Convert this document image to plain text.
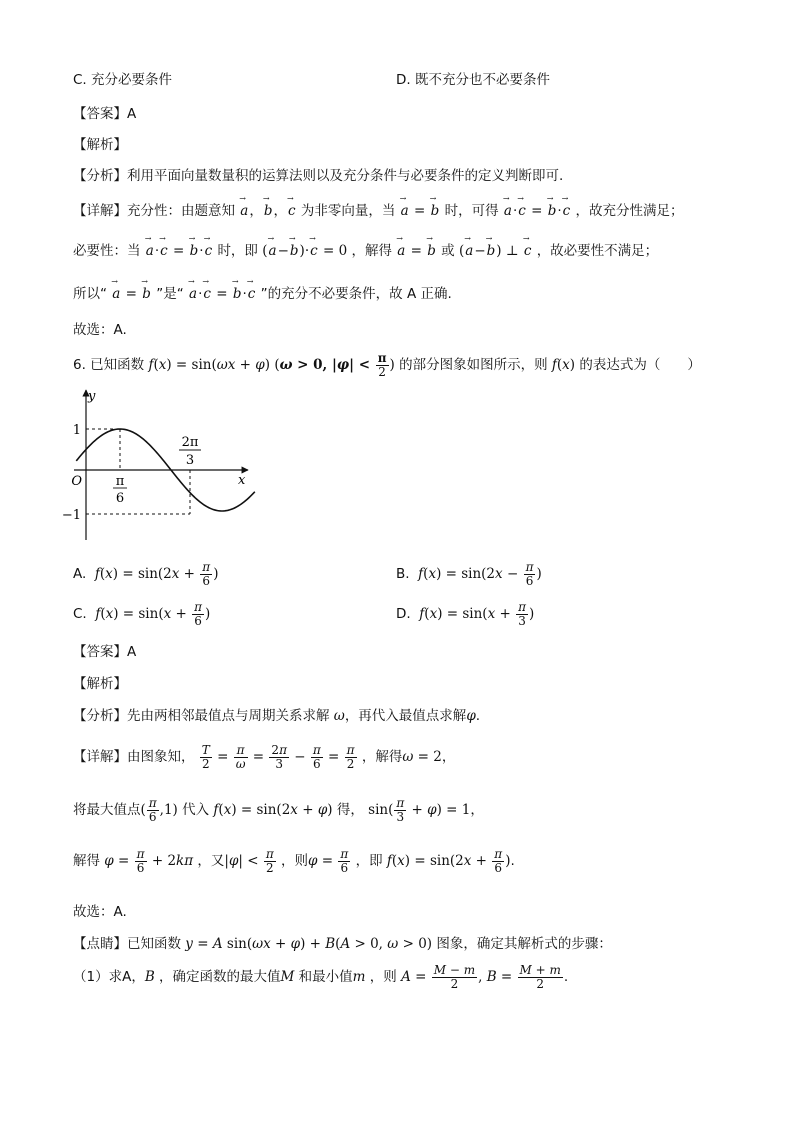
C. 充分必要条件	D. 既不充分也不必要条件
【答案】A
【解析】
【分析】利用平面向量数量积的运算法则以及充分条件与必要条件的定义判断即可.
【详解】充分性：由题意知 → a，→ b，→ c 为非零向量，当 → a = → b 时，可得 → a·→ c = → b·→ c ，故充分性满足；
必要性：当 → a·→ c = → b·→ c 时，即 (→ a−→ b)·→ c = 0 ，解得 → a = → b 或 (→ a−→ b) ⊥ → c ，故必要性不满足；
所以“ → a = → b ”是“ → a·→ c = → b·→ c ”的充分不必要条件，故 A 正确.
故选：A.
6. 已知函数 f(x) = sin(ωx + φ) (ω > 0, $|\varphi| < \frac{\pi}{2}$ ) 的部分图象如图所示，则 f(x) 的表达式为（　　）
y
x
O
1
−1
π
6
2π
3
A. $f(x) = \sin(2x + \frac{\pi}{6}$ )	B. $f(x) = \sin(2x - \frac{\pi}{6}$ )
C. $f(x) = \sin(x + \frac{\pi}{6}$ )	D. $f(x) = \sin(x + \frac{\pi}{3}$ )
【答案】A
【解析】
【分析】先由两相邻最值点与周期关系求解 ω，再代入最值点求解φ.
【详解】由图象知， $\frac{T}{2} = \frac{\pi}{\omega} = \frac{2\pi}{3} - \frac{\pi}{6} = \frac{\pi}{2}$ ，解得ω = 2，
将最大值点( $\frac{\pi}{6} ,1$) 代入 f(x) = sin(2x + φ) 得， $\sin( \frac{\pi}{3} + \varphi) = 1$，
解得 $\varphi = \frac{\pi}{6} + 2k\pi$ ，又$|\varphi| < \frac{\pi}{2}$ ，则$\varphi = \frac{\pi}{6}$ ，即 $f(x) = \sin(2x + \frac{\pi}{6}$ ).
故选：A.
【点睛】已知函数 y = A sin(ωx + φ) + B(A > 0, ω > 0) 图象，确定其解析式的步骤：
（1）求A，B ，确定函数的最大值M 和最小值m ，则 $A = \frac{M - m}{2}$ , $B = \frac{M + m}{2}$ .
